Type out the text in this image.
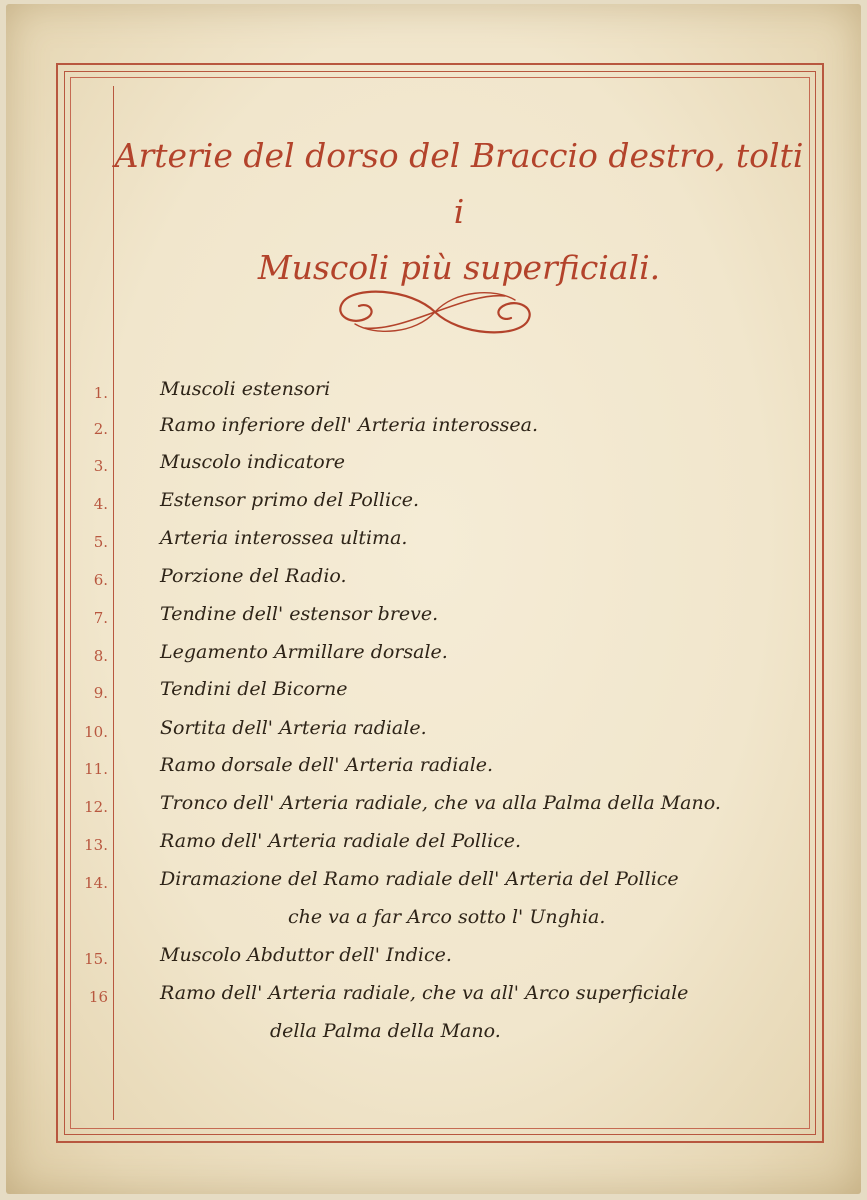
Arterie del dorso del Braccio destro, tolti i
Muscoli più superficiali.
1.	Muscoli estensori
2.	Ramo inferiore dell' Arteria interossea.
3.	Muscolo indicatore
4.	Estensor primo del Pollice.
5.	Arteria interossea ultima.
6.	Porzione del Radio.
7.	Tendine dell' estensor breve.
8.	Legamento Armillare dorsale.
9.	Tendini del Bicorne
10.	Sortita dell' Arteria radiale.
11.	Ramo dorsale dell' Arteria radiale.
12.	Tronco dell' Arteria radiale, che va alla Palma della Mano.
13.	Ramo dell' Arteria radiale del Pollice.
14.	Diramazione del Ramo radiale dell' Arteria del Pollice
che va a far Arco sotto l' Unghia.
15.	Muscolo Abduttor dell' Indice.
16	Ramo dell' Arteria radiale, che va all' Arco superficiale
della Palma della Mano.
